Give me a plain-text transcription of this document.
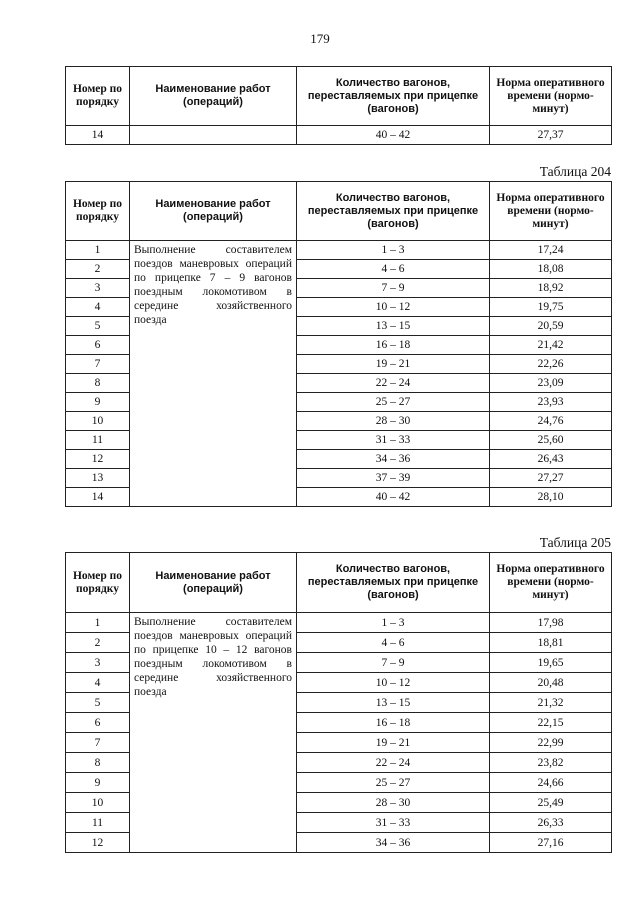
179
Номер по порядку	Наименование работ (операций)	Количество вагонов, переставляемых при прицепке (вагонов)	Норма оперативного времени (нормо-минут)
14		40 – 42	27,37
Таблица 204
Номер по порядку	Наименование работ (операций)	Количество вагонов, переставляемых при прицепке (вагонов)	Норма оперативного времени (нормо-минут)
1	Выполнение составителем поездов маневровых операций по прицепке 7 – 9 вагонов поездным локомотивом в середине хозяйственного поезда	1 – 3	17,24
2		4 – 6	18,08
3		7 – 9	18,92
4		10 – 12	19,75
5		13 – 15	20,59
6		16 – 18	21,42
7		19 – 21	22,26
8		22 – 24	23,09
9		25 – 27	23,93
10		28 – 30	24,76
11		31 – 33	25,60
12		34 – 36	26,43
13		37 – 39	27,27
14		40 – 42	28,10
Таблица 205
Номер по порядку	Наименование работ (операций)	Количество вагонов, переставляемых при прицепке (вагонов)	Норма оперативного времени (нормо-минут)
1	Выполнение составителем поездов маневровых операций по прицепке 10 – 12 вагонов поездным локомотивом в середине хозяйственного поезда	1 – 3	17,98
2		4 – 6	18,81
3		7 – 9	19,65
4		10 – 12	20,48
5		13 – 15	21,32
6		16 – 18	22,15
7		19 – 21	22,99
8		22 – 24	23,82
9		25 – 27	24,66
10		28 – 30	25,49
11		31 – 33	26,33
12		34 – 36	27,16
